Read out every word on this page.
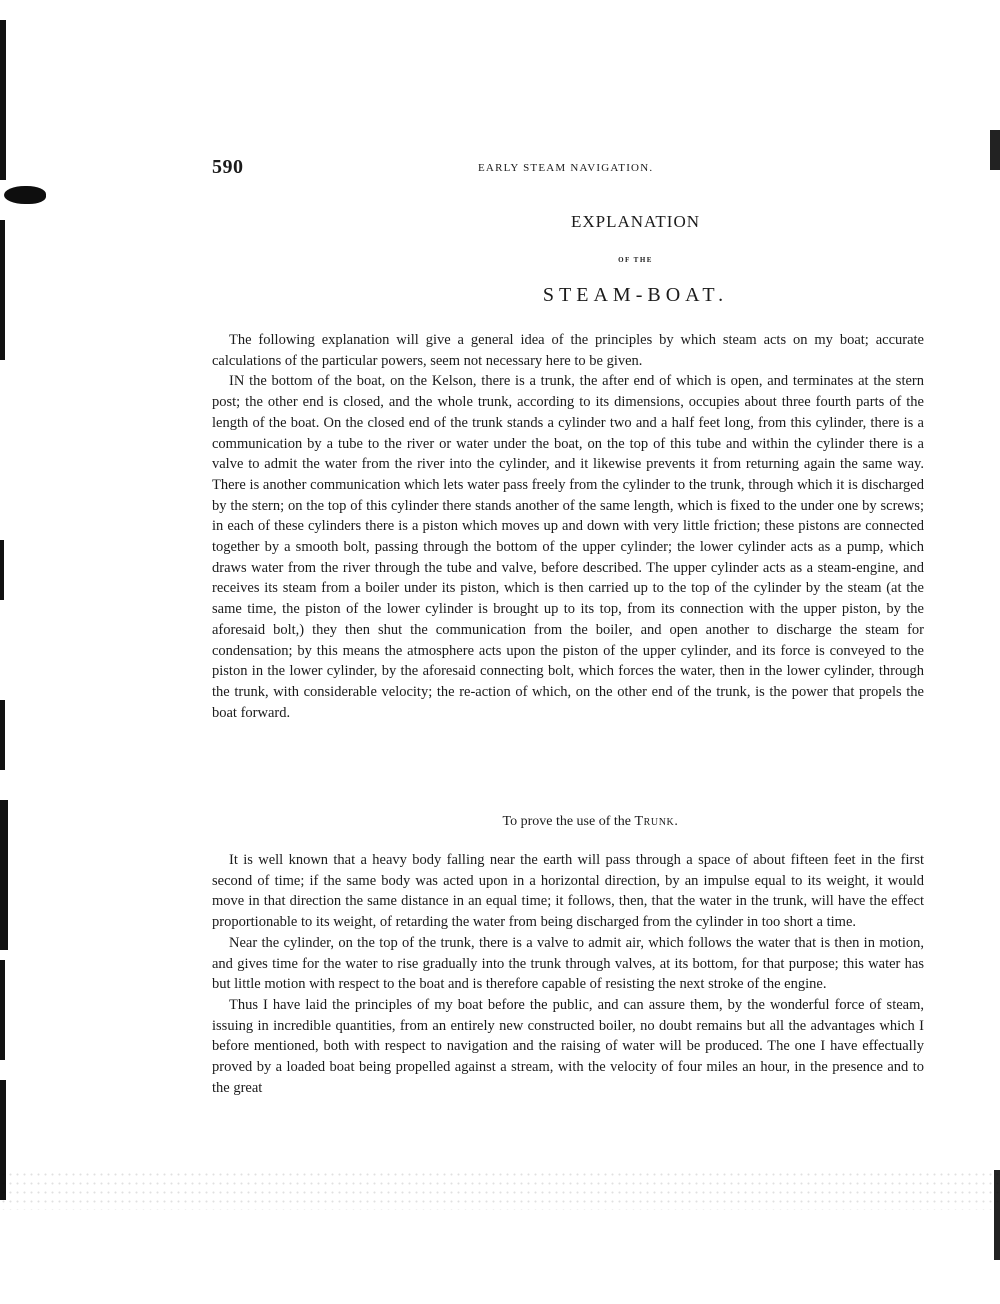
590	EARLY STEAM NAVIGATION.
EXPLANATION
OF THE
STEAM-BOAT.

The following explanation will give a general idea of the principles by which steam acts on my boat; accurate calculations of the particular powers, seem not necessary here to be given.

IN the bottom of the boat, on the Kelson, there is a trunk, the after end of which is open, and terminates at the stern post; the other end is closed, and the whole trunk, according to its dimensions, occupies about three fourth parts of the length of the boat. On the closed end of the trunk stands a cylinder two and a half feet long, from this cylinder, there is a communication by a tube to the river or water under the boat, on the top of this tube and within the cylinder there is a valve to admit the water from the river into the cylinder, and it likewise prevents it from returning again the same way. There is another communication which lets water pass freely from the cylinder to the trunk, through which it is discharged by the stern; on the top of this cylinder there stands another of the same length, which is fixed to the under one by screws; in each of these cylinders there is a piston which moves up and down with very little friction; these pistons are connected together by a smooth bolt, passing through the bottom of the upper cylinder; the lower cylinder acts as a pump, which draws water from the river through the tube and valve, before described. The upper cylinder acts as a steam-engine, and receives its steam from a boiler under its piston, which is then carried up to the top of the cylinder by the steam (at the same time, the piston of the lower cylinder is brought up to its top, from its connection with the upper piston, by the aforesaid bolt,) they then shut the communication from the boiler, and open another to discharge the steam for condensation; by this means the atmosphere acts upon the piston of the upper cylinder, and its force is conveyed to the piston in the lower cylinder, by the aforesaid connecting bolt, which forces the water, then in the lower cylinder, through the trunk, with considerable velocity; the re-action of which, on the other end of the trunk, is the power that propels the boat forward.

To prove the use of the Trunk.

It is well known that a heavy body falling near the earth will pass through a space of about fifteen feet in the first second of time; if the same body was acted upon in a horizontal direction, by an impulse equal to its weight, it would move in that direction the same distance in an equal time; it follows, then, that the water in the trunk, will have the effect proportionable to its weight, of retarding the water from being discharged from the cylinder in too short a time.

Near the cylinder, on the top of the trunk, there is a valve to admit air, which follows the water that is then in motion, and gives time for the water to rise gradually into the trunk through valves, at its bottom, for that purpose; this water has but little motion with respect to the boat and is therefore capable of resisting the next stroke of the engine.

Thus I have laid the principles of my boat before the public, and can assure them, by the wonderful force of steam, issuing in incredible quantities, from an entirely new constructed boiler, no doubt remains but all the advantages which I before mentioned, both with respect to navigation and the raising of water will be produced. The one I have effectually proved by a loaded boat being propelled against a stream, with the velocity of four miles an hour, in the presence and to the great
